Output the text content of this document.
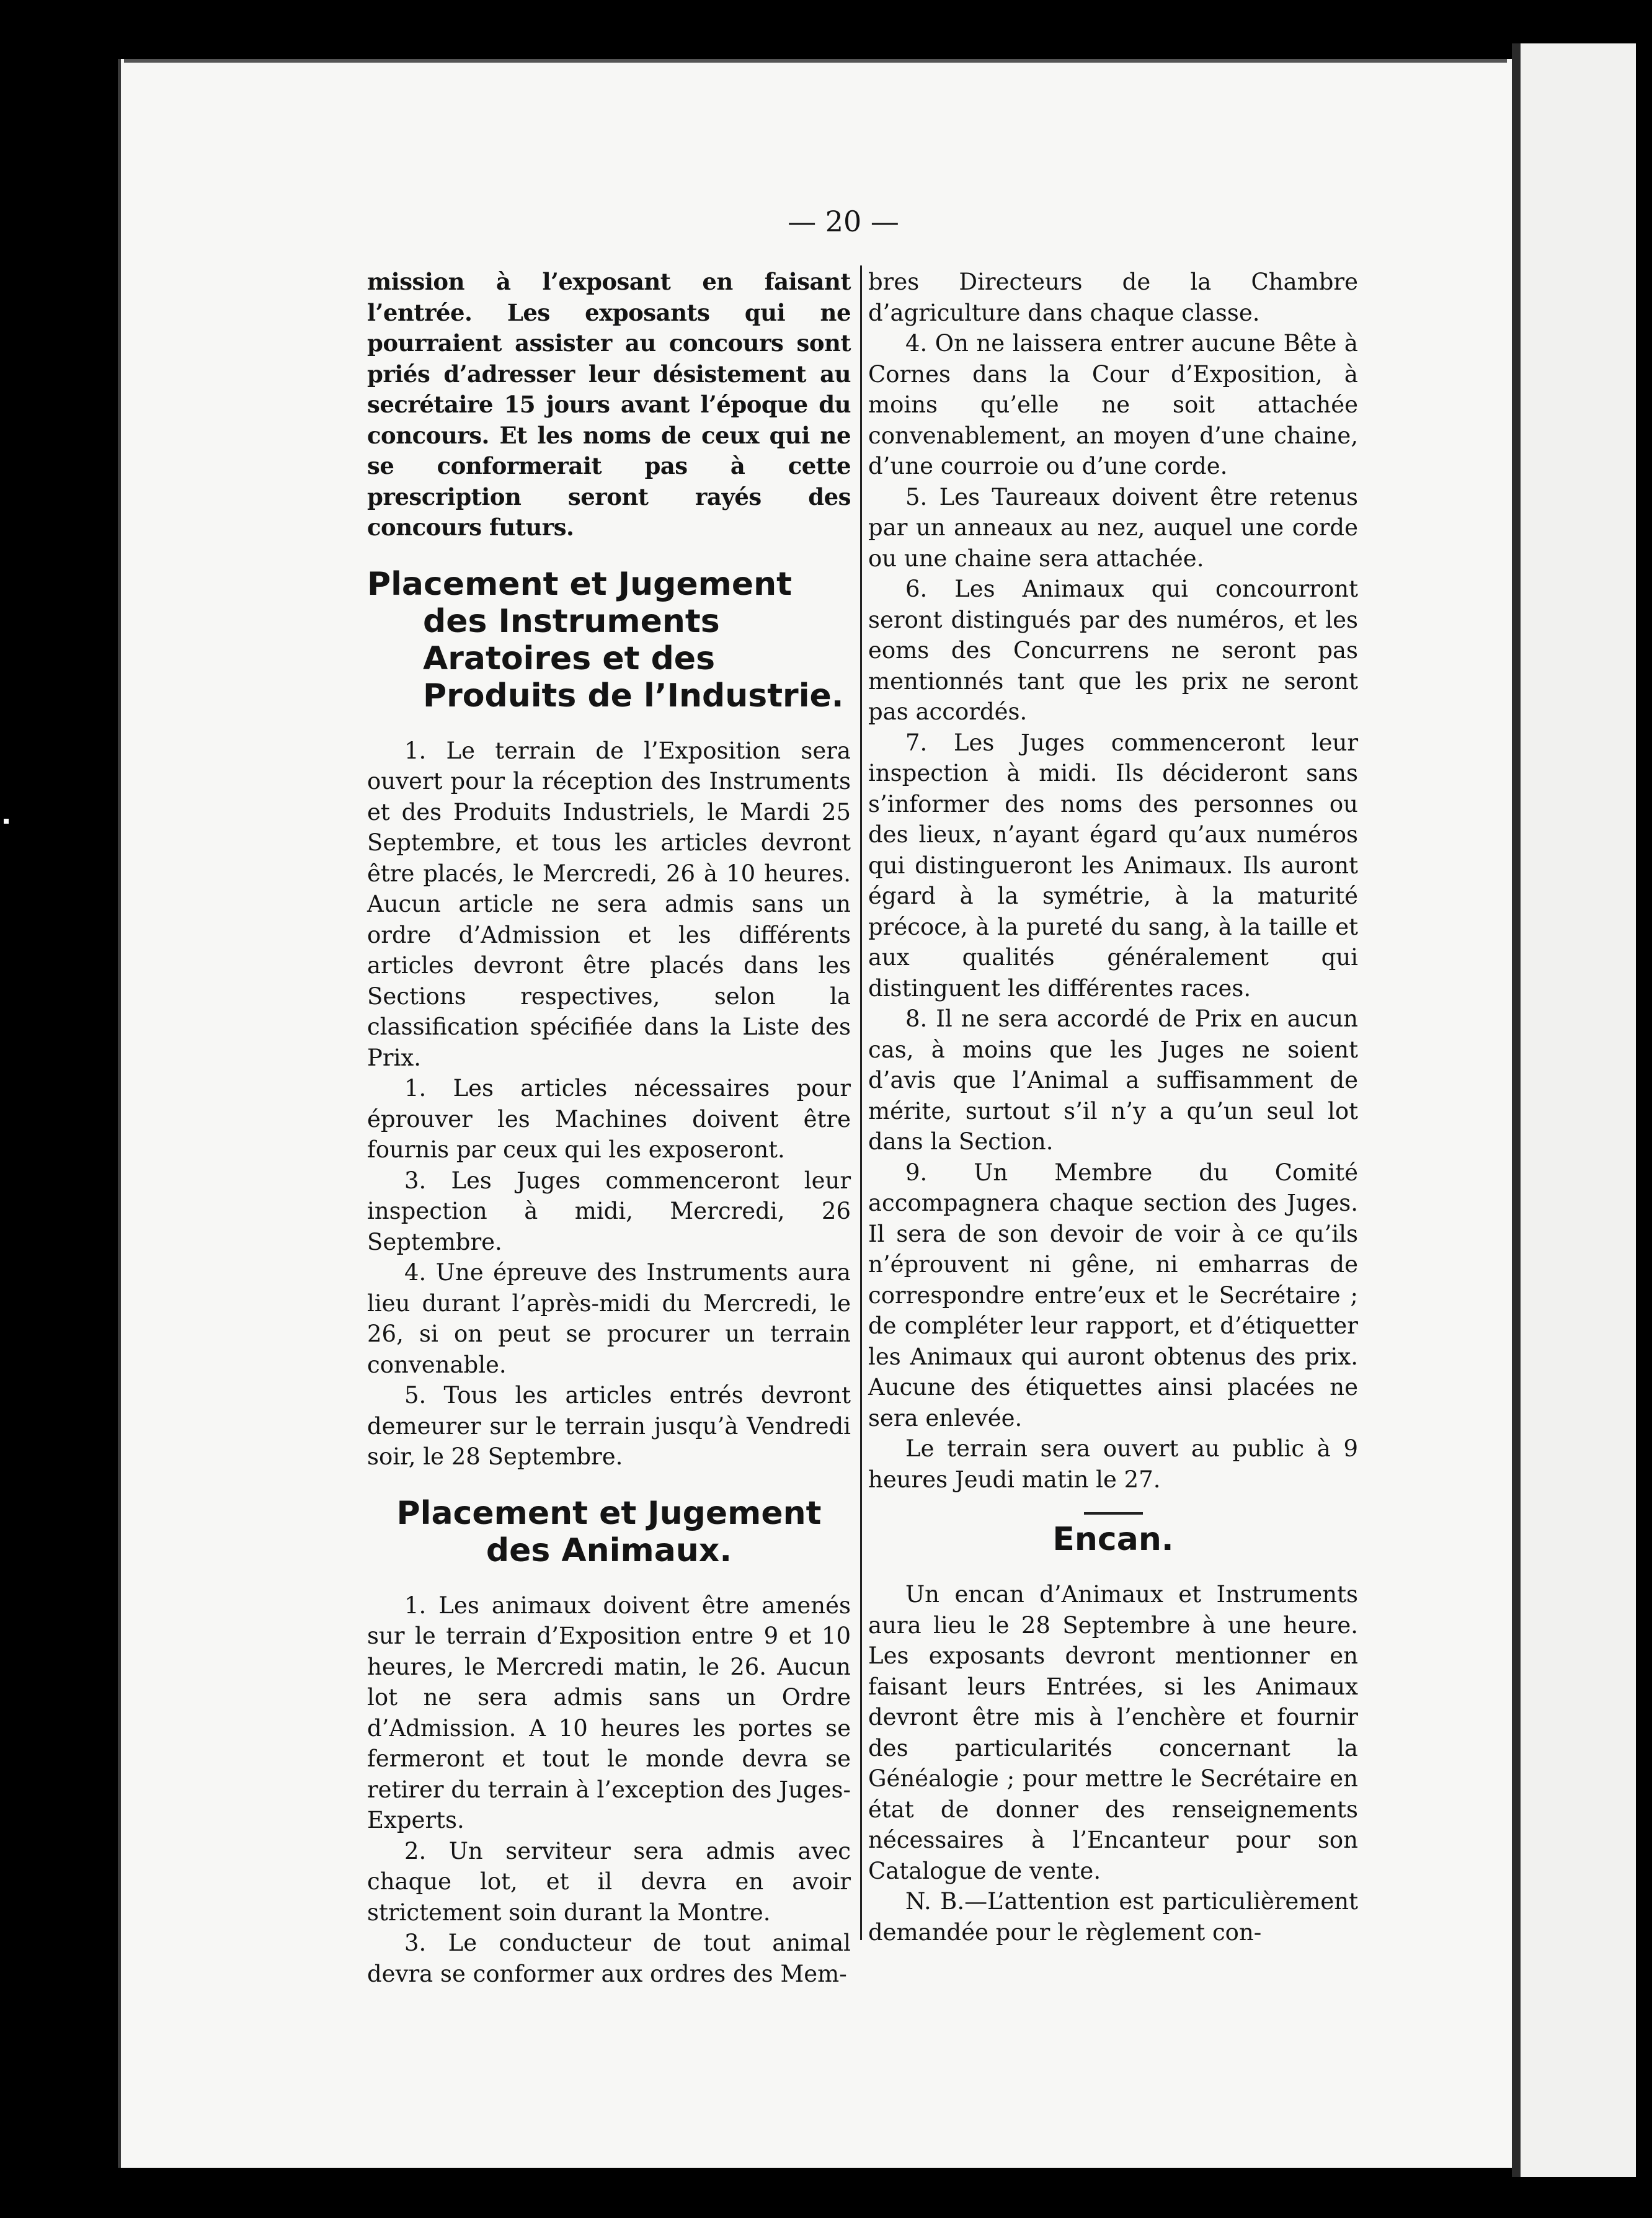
— 20 —

mission à l’exposant en faisant l’entrée. Les exposants qui ne pourraient assister au concours sont priés d’adresser leur désistement au secrétaire 15 jours avant l’époque du concours. Et les noms de ceux qui ne se conformerait pas à cette prescription seront rayés des concours futurs.

Placement et Jugement des Instruments Aratoires et des Produits de l’Industrie.

1. Le terrain de l’Exposition sera ouvert pour la réception des Instruments et des Produits Industriels, le Mardi 25 Septembre, et tous les articles devront être placés, le Mercredi, 26 à 10 heures. Aucun article ne sera admis sans un ordre d’Admission et les différents articles devront être placés dans les Sections respectives, selon la classification spécifiée dans la Liste des Prix.

1. Les articles nécessaires pour éprouver les Machines doivent être fournis par ceux qui les exposeront.

3. Les Juges commenceront leur inspection à midi, Mercredi, 26 Septembre.

4. Une épreuve des Instruments aura lieu durant l’après-midi du Mercredi, le 26, si on peut se procurer un terrain convenable.

5. Tous les articles entrés devront demeurer sur le terrain jusqu’à Vendredi soir, le 28 Septembre.

Placement et Jugement des Animaux.

1. Les animaux doivent être amenés sur le terrain d’Exposition entre 9 et 10 heures, le Mercredi matin, le 26. Aucun lot ne sera admis sans un Ordre d’Admission. A 10 heures les portes se fermeront et tout le monde devra se retirer du terrain à l’exception des Juges-Experts.

2. Un serviteur sera admis avec chaque lot, et il devra en avoir strictement soin durant la Montre.

3. Le conducteur de tout animal devra se conformer aux ordres des Mem-

bres Directeurs de la Chambre d’agriculture dans chaque classe.

4. On ne laissera entrer aucune Bête à Cornes dans la Cour d’Exposition, à moins qu’elle ne soit attachée convenablement, an moyen d’une chaine, d’une courroie ou d’une corde.

5. Les Taureaux doivent être retenus par un anneaux au nez, auquel une corde ou une chaine sera attachée.

6. Les Animaux qui concourront seront distingués par des numéros, et les eoms des Concurrens ne seront pas mentionnés tant que les prix ne seront pas accordés.

7. Les Juges commenceront leur inspection à midi. Ils décideront sans s’informer des noms des personnes ou des lieux, n’ayant égard qu’aux numéros qui distingueront les Animaux. Ils auront égard à la symétrie, à la maturité précoce, à la pureté du sang, à la taille et aux qualités généralement qui distinguent les différentes races.

8. Il ne sera accordé de Prix en aucun cas, à moins que les Juges ne soient d’avis que l’Animal a suffisamment de mérite, surtout s’il n’y a qu’un seul lot dans la Section.

9. Un Membre du Comité accompagnera chaque section des Juges. Il sera de son devoir de voir à ce qu’ils n’éprouvent ni gêne, ni emharras de correspondre entre’eux et le Secrétaire ; de compléter leur rapport, et d’étiquetter les Animaux qui auront obtenus des prix. Aucune des étiquettes ainsi placées ne sera enlevée.

Le terrain sera ouvert au public à 9 heures Jeudi matin le 27.

Encan.

Un encan d’Animaux et Instruments aura lieu le 28 Septembre à une heure. Les exposants devront mentionner en faisant leurs Entrées, si les Animaux devront être mis à l’enchère et fournir des particularités concernant la Généalogie ; pour mettre le Secrétaire en état de donner des renseignements nécessaires à l’Encanteur pour son Catalogue de vente.

N. B.—L’attention est particulièrement demandée pour le règlement con-
